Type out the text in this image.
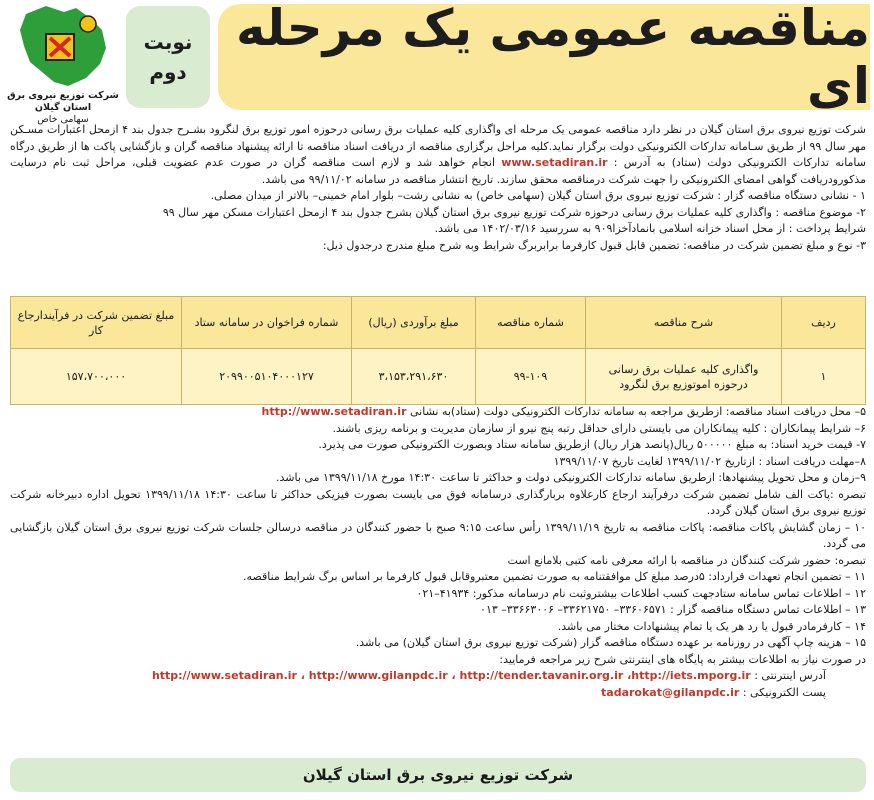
مناقصه عمومی یک مرحله ای
نوبت
دوم
شرکت توزیع نیروی برق
استان گیلان
سهامی خاص

شرکت توزیع نیروی برق استان گیلان در نظر دارد مناقصه عمومی یک مرحله ای واگذاری کلیه عملیات برق رسانی درحوزه امور توزیع برق لنگرود بشـرح جدول بند ۴ ازمحل اعتبارات مسـکن مهر سال ۹۹ از طریق سـامانه تدارکات الکترونیکی دولت برگزار نماید.کلیه مراحل برگزاری مناقصه از دریافت اسناد مناقصه تا ارائه پیشنهاد مناقصه گران و بازگشایی پاکت ها از طریق درگاه سامانه تدارکات الکترونیکی دولت (ستاد) به آدرس : www.setadiran.ir انجام خواهد شد و لازم است مناقصه گران در صورت عدم عضویت قبلی، مراحل ثبت نام درسایت مذکورودریافت گواهی امضای الکترونیکی را جهت شرکت درمناقصه محقق سازند. تاریخ انتشار مناقصه در سامانه ۹۹/۱۱/۰۲ می باشد.

۱ - نشانی دستگاه مناقصه گزار : شرکت توزیع نیروی برق استان گیلان (سهامی خاص) به نشانی رشت– بلوار امام خمینی– بالاتر از میدان مصلی.

۲- موضوع مناقصه : واگذاری کلیه عملیات برق رسانی درحوزه شرکت توزیع نیروی برق استان گیلان بشرح جدول بند ۴ ازمحل اعتبارات مسکن مهر سال ۹۹

شرایط پرداخت : از محل اسناد خزانه اسلامی بانمادآخزا۹۰۹ به سررسید ۱۴۰۲/۰۳/۱۶ می باشد.

۳- نوع و مبلغ تضمین شرکت در مناقصه: تضمین قابل قبول کارفرما برابربرگ شرایط وبه شرح مبلغ مندرج درجدول ذیل:

ردیف	شرح مناقصه	شماره مناقصه	مبلغ برآوردی (ریال)	شماره فراخوان در سامانه ستاد	مبلغ تضمین شرکت در فرآیندارجاع کار
۱	واگذاری کلیه عملیات برق رسانی درحوزه اموتوزیع برق لنگرود	۹۹-۱۰۹	۳،۱۵۳،۲۹۱،۶۳۰	۲۰۹۹۰۰۵۱۰۴۰۰۰۱۲۷	۱۵۷،۷۰۰،۰۰۰

۵– محل دریافت اسناد مناقصه: ازطریق مراجعه به سامانه تدارکات الکترونیکی دولت (ستاد)به نشانی http://www.setadiran.ir

۶– شرایط پیمانکاران : کلیه پیمانکاران می بایستی دارای حداقل رتبه پنج نیرو از سازمان مدیریت و برنامه ریزی باشند.

۷- قیمت خرید اسناد: به مبلغ ۵۰۰۰۰۰ ریال(پانصد هزار ریال) ازطریق سامانه ستاد وبصورت الکترونیکی صورت می پذیرد.

۸–مهلت دریافت اسناد : ازتاریخ ۱۳۹۹/۱۱/۰۲ لغایت تاریخ ۱۳۹۹/۱۱/۰۷

۹–زمان و محل تحویل پیشنهادها: ازطریق سامانه تدارکات الکترونیکی دولت و حداکثر تا ساعت ۱۴:۳۰ مورخ ۱۳۹۹/۱۱/۱۸ می باشد.

تبصره :پاکت الف شامل تضمین شرکت درفرآیند ارجاع کارعلاوه بربارگذاری درسامانه فوق می بایست بصورت فیزیکی حداکثر تا ساعت ۱۴:۳۰ ۱۳۹۹/۱۱/۱۸ تحویل اداره دبیرخانه شرکت توزیع نیروی برق استان گیلان گردد.

۱۰ – زمان گشایش پاکات مناقصه: پاکات مناقصه به تاریخ ۱۳۹۹/۱۱/۱۹ رأس ساعت ۹:۱۵ صبح با حضور کنندگان در مناقصه درسالن جلسات شرکت توزیع نیروی برق استان گیلان بازگشایی می گردد.

تبصره: حضور شرکت کنندگان در مناقصه با ارائه معرفی نامه کتبی بلامانع است

۱۱ – تضمین انجام تعهدات قرارداد: ۵درصد مبلغ کل موافقتنامه به صورت تضمین معتبروقابل قبول کارفرما بر اساس برگ شرایط مناقصه.

۱۲ – اطلاعات تماس سامانه ستادجهت کسب اطلاعات بیشتروثبت نام درسامانه مذکور: ۴۱۹۳۴–۰۲۱

۱۳ – اطلاعات تماس دستگاه مناقصه گزار : ۳۳۶۰۶۵۷۱– ۳۳۶۲۱۷۵۰– ۳۳۶۶۳۰۰۶– ۰۱۳

۱۴ – کارفرمادر قبول یا رد هر یک یا تمام پیشنهادات مختار می باشد.

۱۵ – هزینه چاپ آگهی در روزنامه بر عهده دستگاه مناقصه گزار (شرکت توزیع نیروی برق استان گیلان) می باشد.

در صورت نیاز به اطلاعات بیشتر به پایگاه های اینترنتی شرح زیر مراجعه فرمایید:

آدرس اینترنتی : http://www.setadiran.ir ، http://www.gilanpdc.ir ، http://tender.tavanir.org.ir ،http://iets.mporg.ir

پست الکترونیکی : tadarokat@gilanpdc.ir

شرکت توزیع نیروی برق استان گیلان
